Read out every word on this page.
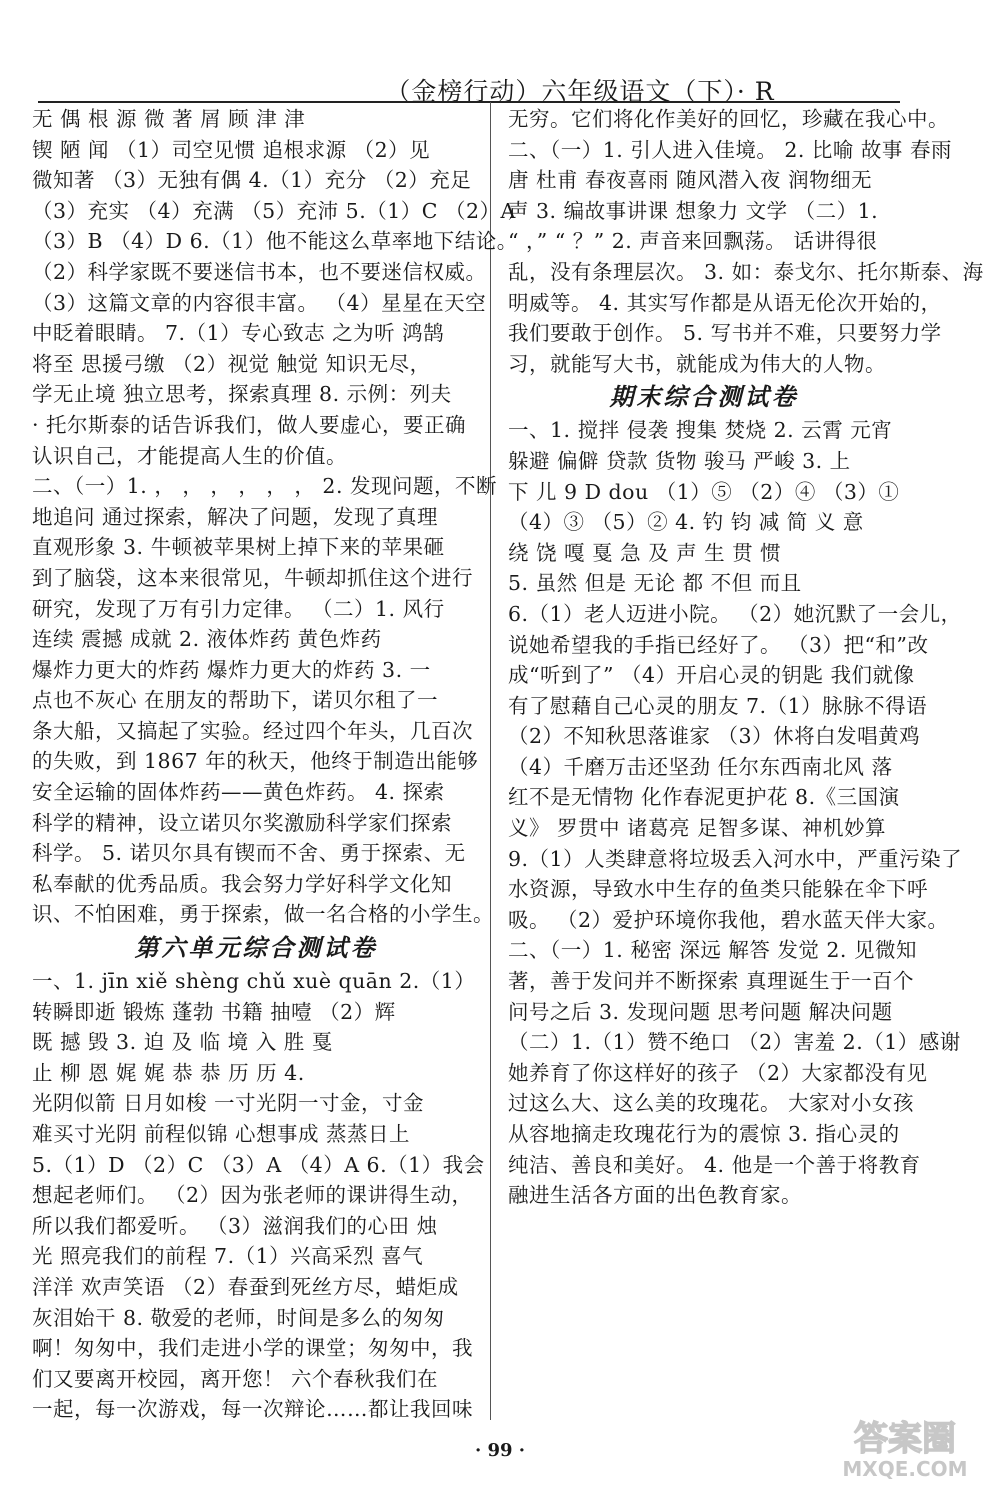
（金榜行动）六年级语文（下）· R

无 偶 根 源 微 著 屑 顾 津 津

锲 陋 闻 （1）司空见惯 追根求源 （2）见

微知著 （3）无独有偶 4.（1）充分 （2）充足

（3）充实 （4）充满 （5）充沛 5.（1）C （2）A

（3）B （4）D 6.（1）他不能这么草率地下结论。

（2）科学家既不要迷信书本，也不要迷信权威。

（3）这篇文章的内容很丰富。 （4）星星在天空

中眨着眼睛。 7.（1）专心致志 之为听 鸿鹄

将至 思援弓缴 （2）视觉 触觉 知识无尽，

学无止境 独立思考，探索真理 8. 示例：列夫

· 托尔斯泰的话告诉我们，做人要虚心，要正确

认识自己，才能提高人生的价值。

二、（一）1. ， ， ， ， ， ， 2. 发现问题，不断

地追问 通过探索，解决了问题，发现了真理

直观形象 3. 牛顿被苹果树上掉下来的苹果砸

到了脑袋，这本来很常见，牛顿却抓住这个进行

研究，发现了万有引力定律。 （二）1. 风行

连续 震撼 成就 2. 液体炸药 黄色炸药

爆炸力更大的炸药 爆炸力更大的炸药 3. 一

点也不灰心 在朋友的帮助下，诺贝尔租了一

条大船，又搞起了实验。经过四个年头，几百次

的失败，到 1867 年的秋天，他终于制造出能够

安全运输的固体炸药——黄色炸药。 4. 探索

科学的精神，设立诺贝尔奖激励科学家们探索

科学。 5. 诺贝尔具有锲而不舍、勇于探索、无

私奉献的优秀品质。我会努力学好科学文化知

识、不怕困难，勇于探索，做一名合格的小学生。

第六单元综合测试卷

一、1. jīn xiě shèng chǔ xuè quān 2.（1）

转瞬即逝 锻炼 蓬勃 书籍 抽噎 （2）辉

既 撼 毁 3. 迫 及 临 境 入 胜 戛

止 柳 恩 娓 娓 恭 恭 历 历 4.

光阴似箭 日月如梭 一寸光阴一寸金，寸金

难买寸光阴 前程似锦 心想事成 蒸蒸日上

5.（1）D （2）C （3）A （4）A 6.（1）我会

想起老师们。 （2）因为张老师的课讲得生动，

所以我们都爱听。 （3）滋润我们的心田 烛

光 照亮我们的前程 7.（1）兴高采烈 喜气

洋洋 欢声笑语 （2）春蚕到死丝方尽，蜡炬成

灰泪始干 8. 敬爱的老师，时间是多么的匆匆

啊！匆匆中，我们走进小学的课堂；匆匆中，我

们又要离开校园，离开您！ 六个春秋我们在

一起，每一次游戏，每一次辩论……都让我回味

无穷。它们将化作美好的回忆，珍藏在我心中。

二、（一）1. 引人进入佳境。 2. 比喻 故事 春雨

唐 杜甫 春夜喜雨 随风潜入夜 润物细无

声 3. 编故事讲课 想象力 文学 （二）1.

“ ，” “ ？” 2. 声音来回飘荡。 话讲得很

乱，没有条理层次。 3. 如：泰戈尔、托尔斯泰、海

明威等。 4. 其实写作都是从语无伦次开始的，

我们要敢于创作。 5. 写书并不难，只要努力学

习，就能写大书，就能成为伟大的人物。

期末综合测试卷

一、1. 搅拌 侵袭 搜集 焚烧 2. 云霄 元宵

躲避 偏僻 贷款 货物 骏马 严峻 3. 上

下 儿 9 D dou （1）⑤ （2）④ （3）①

（4）③ （5）② 4. 钓 钧 减 简 义 意

绕 饶 嘎 戛 急 及 声 生 贯 惯

5. 虽然 但是 无论 都 不但 而且

6.（1）老人迈进小院。 （2）她沉默了一会儿，

说她希望我的手指已经好了。 （3）把“和”改

成“听到了” （4）开启心灵的钥匙 我们就像

有了慰藉自己心灵的朋友 7.（1）脉脉不得语

（2）不知秋思落谁家 （3）休将白发唱黄鸡

（4）千磨万击还坚劲 任尔东西南北风 落

红不是无情物 化作春泥更护花 8.《三国演

义》 罗贯中 诸葛亮 足智多谋、神机妙算

9.（1）人类肆意将垃圾丢入河水中，严重污染了

水资源，导致水中生存的鱼类只能躲在伞下呼

吸。 （2）爱护环境你我他，碧水蓝天伴大家。

二、（一）1. 秘密 深远 解答 发觉 2. 见微知

著，善于发问并不断探索 真理诞生于一百个

问号之后 3. 发现问题 思考问题 解决问题

（二）1.（1）赞不绝口 （2）害羞 2.（1）感谢

她养育了你这样好的孩子 （2）大家都没有见

过这么大、这么美的玫瑰花。 大家对小女孩

从容地摘走玫瑰花行为的震惊 3. 指心灵的

纯洁、善良和美好。 4. 他是一个善于将教育

融进生活各方面的出色教育家。

· 99 ·	答案圈
MXQE.COM
